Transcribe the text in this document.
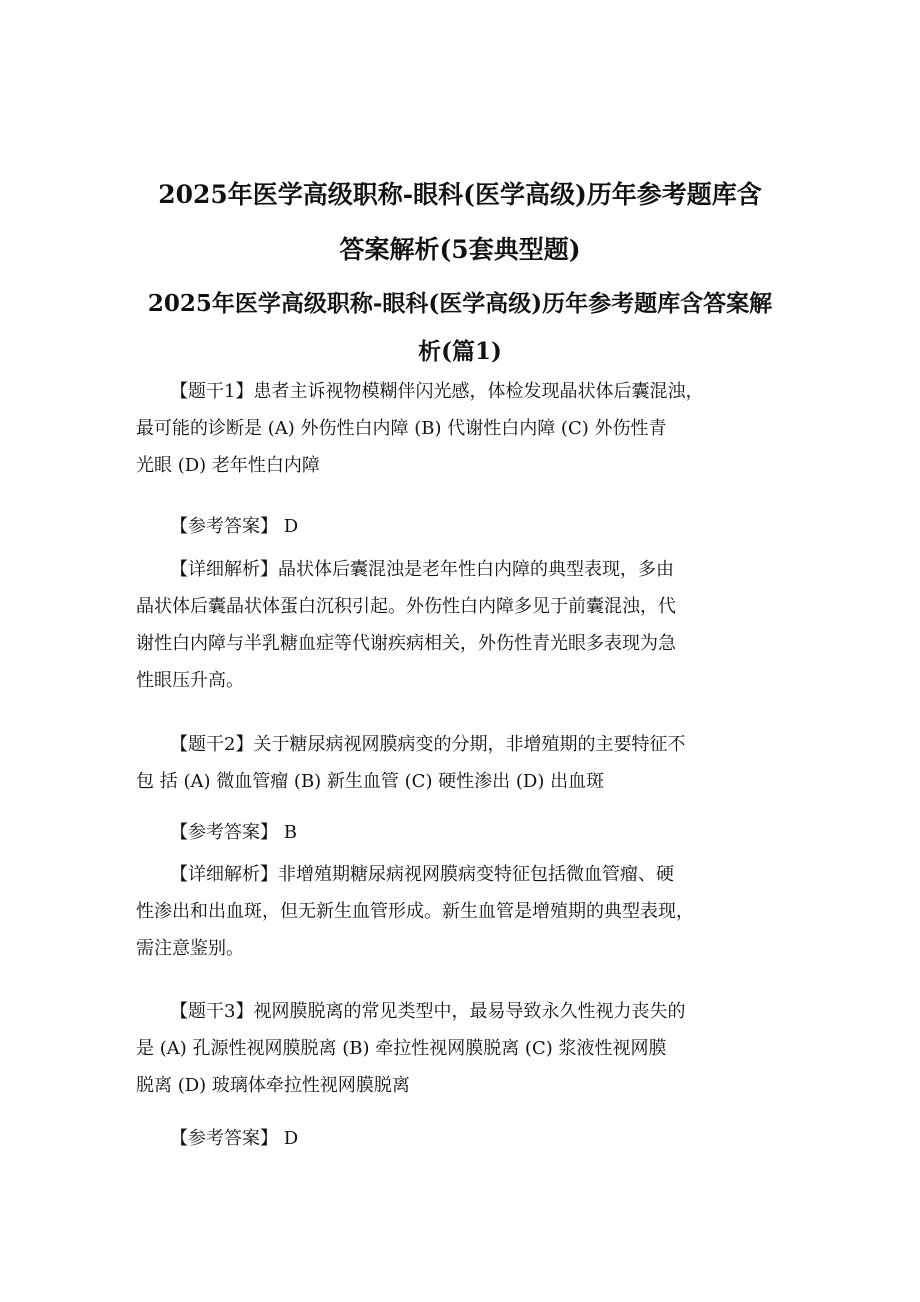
2025年医学高级职称-眼科(医学高级)历年参考题库含
答案解析(5套典型题)
2025年医学高级职称-眼科(医学高级)历年参考题库含答案解
析(篇1)
【题干1】患者主诉视物模糊伴闪光感，体检发现晶状体后囊混浊，
最可能的诊断是 (A) 外伤性白内障 (B) 代谢性白内障 (C) 外伤性青
光眼 (D) 老年性白内障
【参考答案】 D
【详细解析】晶状体后囊混浊是老年性白内障的典型表现，多由
晶状体后囊晶状体蛋白沉积引起。外伤性白内障多见于前囊混浊，代
谢性白内障与半乳糖血症等代谢疾病相关，外伤性青光眼多表现为急
性眼压升高。
【题干2】关于糖尿病视网膜病变的分期，非增殖期的主要特征不
包 括 (A) 微血管瘤 (B) 新生血管 (C) 硬性渗出 (D) 出血斑
【参考答案】 B
【详细解析】非增殖期糖尿病视网膜病变特征包括微血管瘤、硬
性渗出和出血斑，但无新生血管形成。新生血管是增殖期的典型表现，
需注意鉴别。
【题干3】视网膜脱离的常见类型中，最易导致永久性视力丧失的
是 (A) 孔源性视网膜脱离 (B) 牵拉性视网膜脱离 (C) 浆液性视网膜
脱离 (D) 玻璃体牵拉性视网膜脱离
【参考答案】 D
